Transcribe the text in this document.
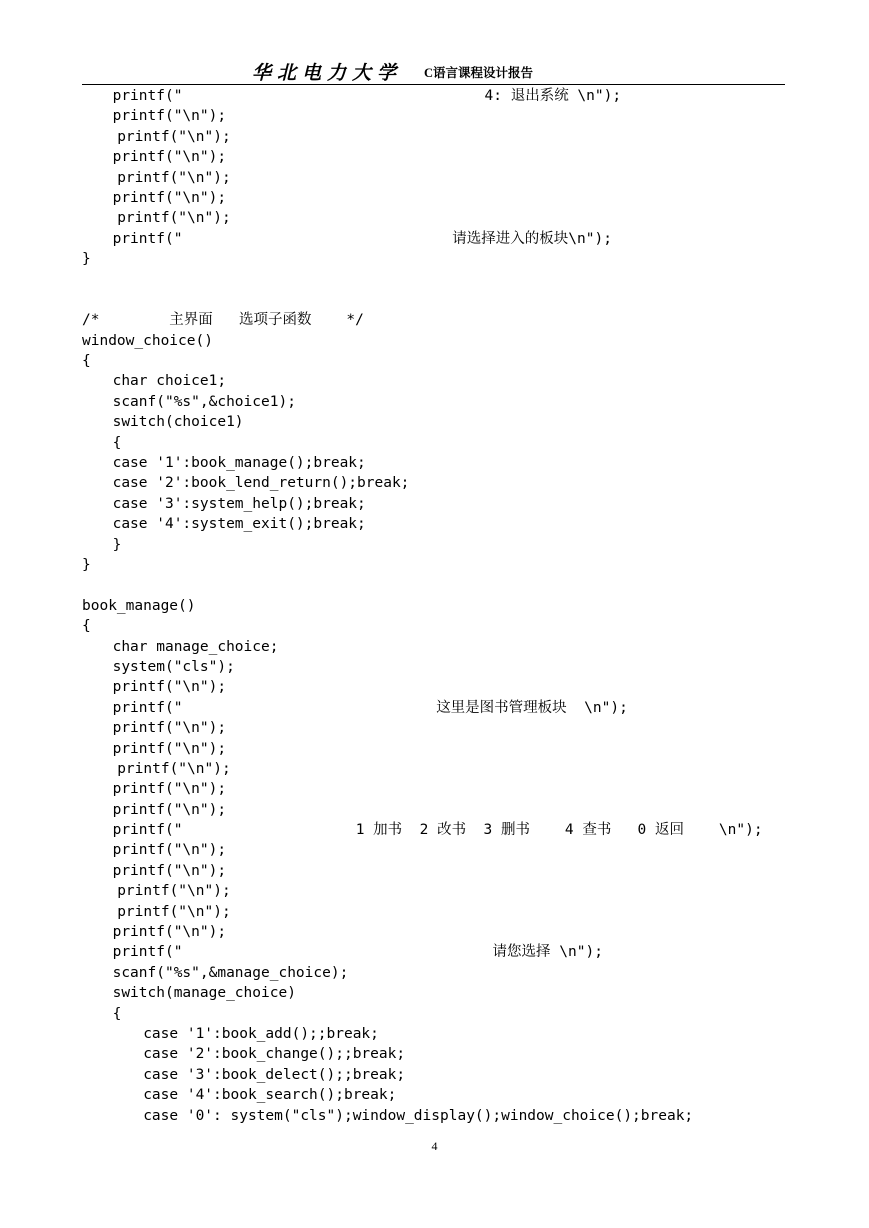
华北电力大学 C语言课程设计报告
printf("	4: 退出系统 \n");
printf("\n");
printf("\n");
printf("\n");
printf("\n");
printf("\n");
printf("\n");
printf("	请选择进入的板块\n");
}
/*        主界面   选项子函数    */
window_choice()
{
char choice1;
scanf("%s",&choice1);
switch(choice1)
{
case '1':book_manage();break;
case '2':book_lend_return();break;
case '3':system_help();break;
case '4':system_exit();break;
}
}
book_manage()
{
char manage_choice;
system("cls");
printf("\n");
printf("	这里是图书管理板块  \n");
printf("\n");
printf("\n");
printf("\n");
printf("\n");
printf("\n");
printf("	1 加书  2 改书  3 删书    4 查书   0 返回    \n");
printf("\n");
printf("\n");
printf("\n");
printf("\n");
printf("\n");
printf("	请您选择 \n");
scanf("%s",&manage_choice);
switch(manage_choice)
{
case '1':book_add();;break;
case '2':book_change();;break;
case '3':book_delect();;break;
case '4':book_search();break;
case '0': system("cls");window_display();window_choice();break;
4
